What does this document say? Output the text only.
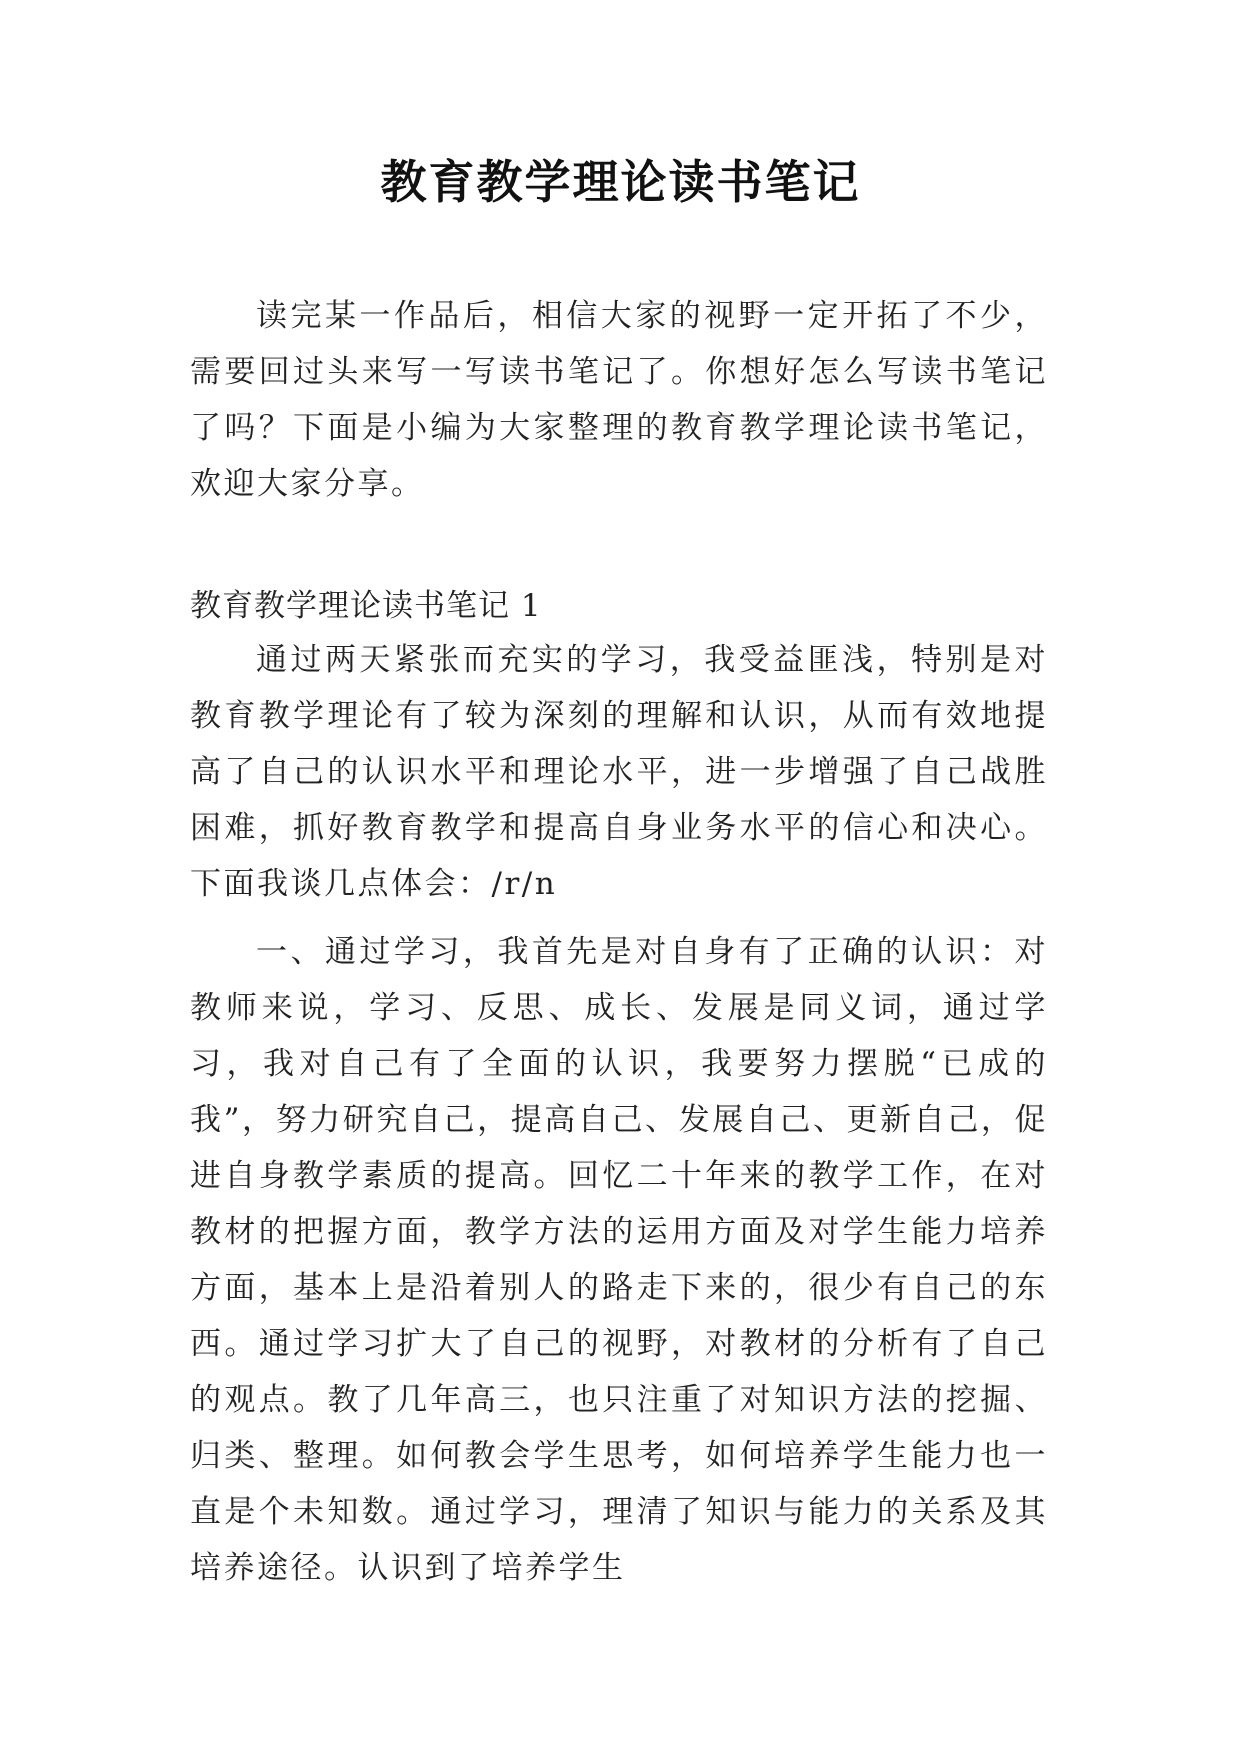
教育教学理论读书笔记

读完某一作品后，相信大家的视野一定开拓了不少，需要回过头来写一写读书笔记了。你想好怎么写读书笔记了吗？下面是小编为大家整理的教育教学理论读书笔记，欢迎大家分享。

教育教学理论读书笔记 1

通过两天紧张而充实的学习，我受益匪浅，特别是对教育教学理论有了较为深刻的理解和认识，从而有效地提高了自己的认识水平和理论水平，进一步增强了自己战胜困难，抓好教育教学和提高自身业务水平的信心和决心。下面我谈几点体会：/r/n

一、通过学习，我首先是对自身有了正确的认识：对教师来说，学习、反思、成长、发展是同义词，通过学习，我对自己有了全面的认识，我要努力摆脱“已成的我”，努力研究自己，提高自己、发展自己、更新自己，促进自身教学素质的提高。回忆二十年来的教学工作，在对教材的把握方面，教学方法的运用方面及对学生能力培养方面，基本上是沿着别人的路走下来的，很少有自己的东西。通过学习扩大了自己的视野，对教材的分析有了自己的观点。教了几年高三，也只注重了对知识方法的挖掘、归类、整理。如何教会学生思考，如何培养学生能力也一直是个未知数。通过学习，理清了知识与能力的关系及其培养途径。认识到了培养学生
